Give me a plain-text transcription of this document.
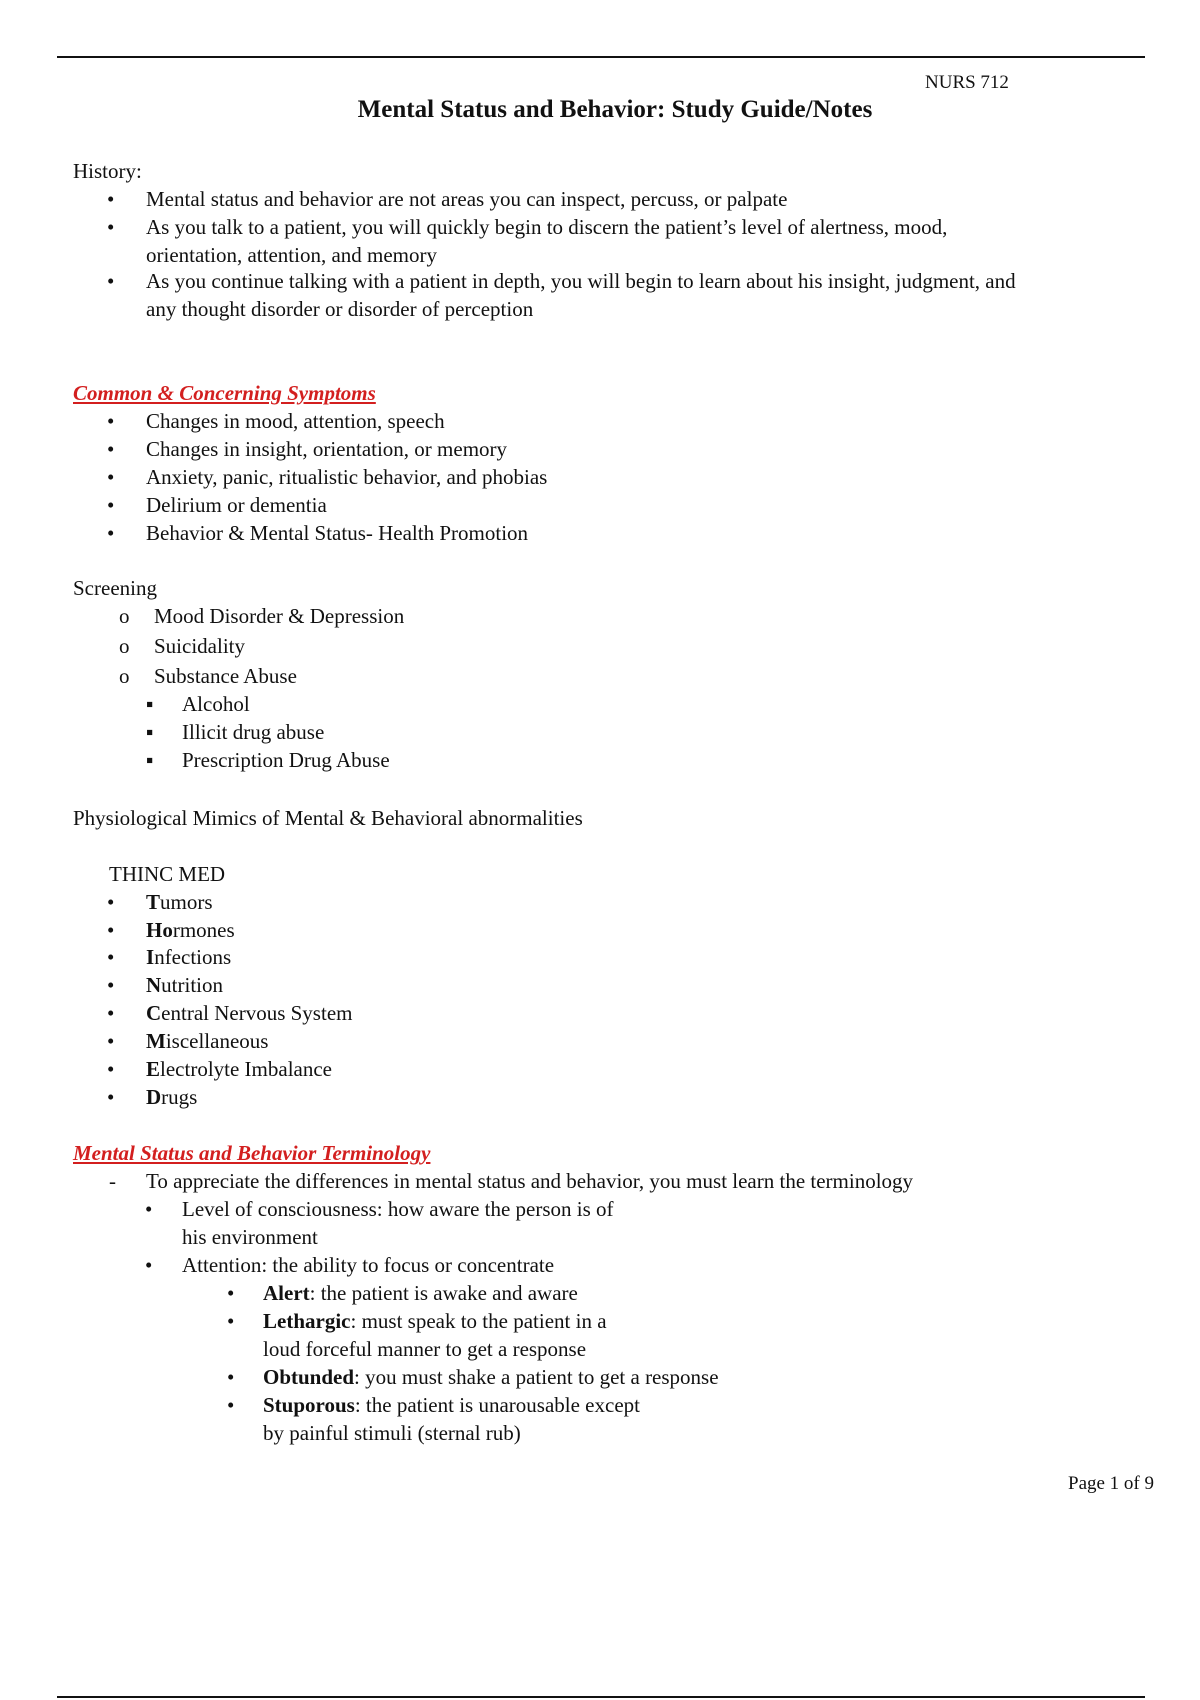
NURS 712
Mental Status and Behavior: Study Guide/Notes
History:
•
Mental status and behavior are not areas you can inspect, percuss, or palpate
•
As you talk to a patient, you will quickly begin to discern the patient’s level of alertness, mood,
orientation, attention, and memory
•
As you continue talking with a patient in depth, you will begin to learn about his insight, judgment, and
any thought disorder or disorder of perception
Common & Concerning Symptoms
•
Changes in mood, attention, speech
•
Changes in insight, orientation, or memory
•
Anxiety, panic, ritualistic behavior, and phobias
•
Delirium or dementia
•
Behavior & Mental Status- Health Promotion
Screening
o
Mood Disorder & Depression
o
Suicidality
o
Substance Abuse
▪
Alcohol
▪
Illicit drug abuse
▪
Prescription Drug Abuse
Physiological Mimics of Mental & Behavioral abnormalities
THINC MED
•
Tumors
•
Hormones
•
Infections
•
Nutrition
•
Central Nervous System
•
Miscellaneous
•
Electrolyte Imbalance
•
Drugs
Mental Status and Behavior Terminology
-
To appreciate the differences in mental status and behavior, you must learn the terminology
•
Level of consciousness: how aware the person is of
his environment
•
Attention: the ability to focus or concentrate
•
Alert: the patient is awake and aware
•
Lethargic: must speak to the patient in a
loud forceful manner to get a response
•
Obtunded: you must shake a patient to get a response
•
Stuporous: the patient is unarousable except
by painful stimuli (sternal rub)
Page 1 of 9
